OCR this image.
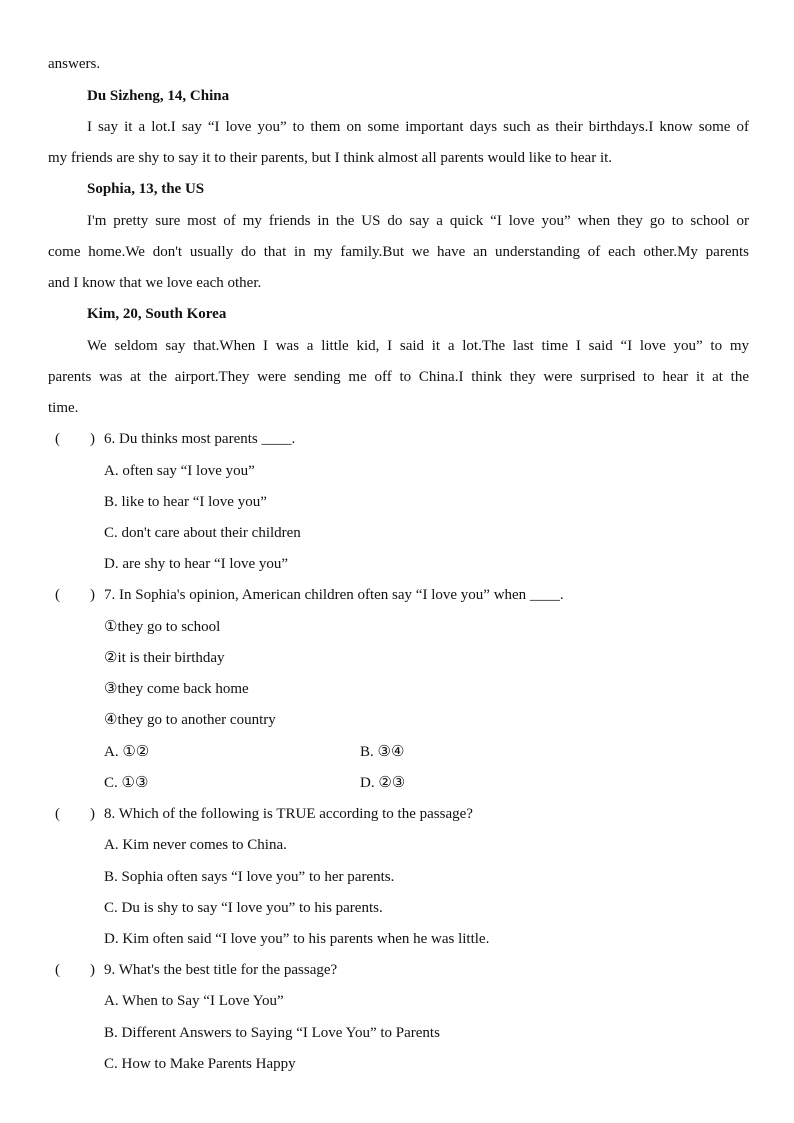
answers.
Du Sizheng, 14, China
I say it a lot.I say “I love you” to them on some important days such as their birthdays.I know some of
my friends are shy to say it to their parents, but I think almost all parents would like to hear it.
Sophia, 13, the US
I'm pretty sure most of my friends in the US do say a quick “I love you” when they go to school or
come home.We don't usually do that in my family.But we have an understanding of each other.My parents
and I know that we love each other.
Kim, 20, South Korea
We seldom say that.When I was a little kid, I said it a lot.The last time I said “I love you” to my
parents was at the airport.They were sending me off to China.I think they were surprised to hear it at the
time.
(　　) 6. Du thinks most parents ____.
A. often say “I love you”
B. like to hear “I love you”
C. don't care about their children
D. are shy to hear “I love you”
(　　) 7. In Sophia's opinion, American children often say “I love you” when ____.
①they go to school
②it is their birthday
③they come back home
④they go to another country
A. ①②	B. ③④
C. ①③	D. ②③
(　　) 8. Which of the following is TRUE according to the passage?
A. Kim never comes to China.
B. Sophia often says “I love you” to her parents.
C. Du is shy to say “I love you” to his parents.
D. Kim often said “I love you” to his parents when he was little.
(　　) 9. What's the best title for the passage?
A. When to Say “I Love You”
B. Different Answers to Saying “I Love You” to Parents
C. How to Make Parents Happy
